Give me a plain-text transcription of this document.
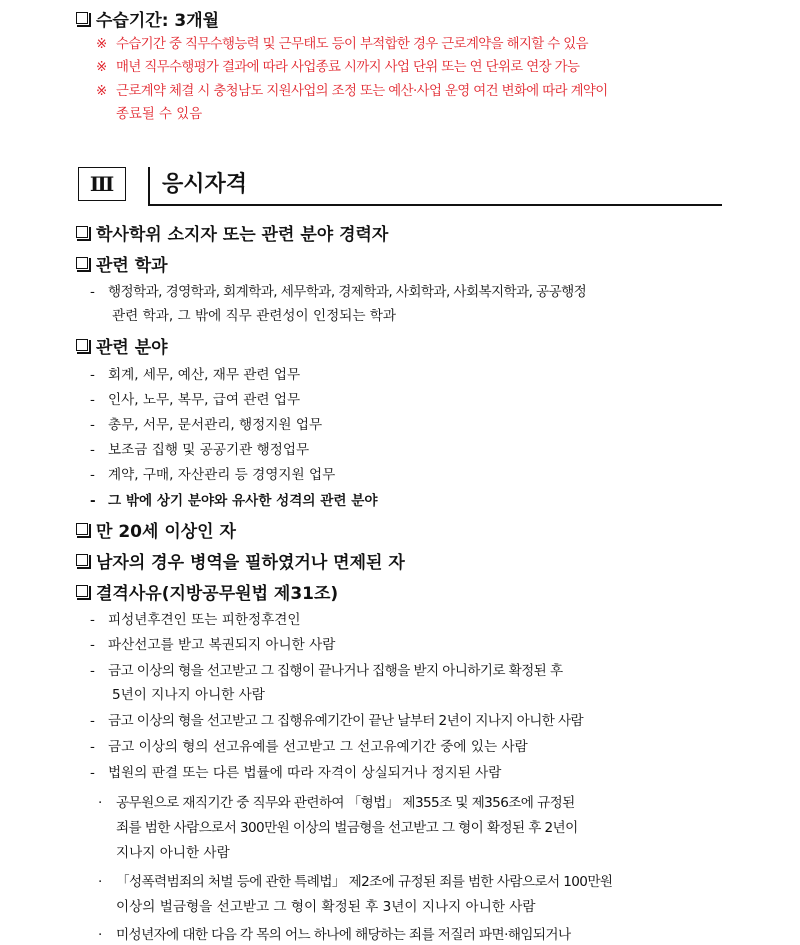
수습기간: 3개월
※ 수습기간 중 직무수행능력 및 근무태도 등이 부적합한 경우 근로계약을 해지할 수 있음
※ 매년 직무수행평가 결과에 따라 사업종료 시까지 사업 단위 또는 연 단위로 연장 가능
※ 근로계약 체결 시 충청남도 지원사업의 조정 또는 예산·사업 운영 여건 변화에 따라 계약이
종료될 수 있음
Ⅲ	응시자격
학사학위 소지자 또는 관련 분야 경력자
관련 학과
- 행정학과, 경영학과, 회계학과, 세무학과, 경제학과, 사회학과, 사회복지학과, 공공행정
관련 학과, 그 밖에 직무 관련성이 인정되는 학과
관련 분야
- 회계, 세무, 예산, 재무 관련 업무
- 인사, 노무, 복무, 급여 관련 업무
- 총무, 서무, 문서관리, 행정지원 업무
- 보조금 집행 및 공공기관 행정업무
- 계약, 구매, 자산관리 등 경영지원 업무
- 그 밖에 상기 분야와 유사한 성격의 관련 분야
만 20세 이상인 자
남자의 경우 병역을 필하였거나 면제된 자
결격사유(지방공무원법 제31조)
- 피성년후견인 또는 피한정후견인
- 파산선고를 받고 복권되지 아니한 사람
- 금고 이상의 형을 선고받고 그 집행이 끝나거나 집행을 받지 아니하기로 확정된 후
5년이 지나지 아니한 사람
- 금고 이상의 형을 선고받고 그 집행유예기간이 끝난 날부터 2년이 지나지 아니한 사람
- 금고 이상의 형의 선고유예를 선고받고 그 선고유예기간 중에 있는 사람
- 법원의 판결 또는 다른 법률에 따라 자격이 상실되거나 정지된 사람
· 공무원으로 재직기간 중 직무와 관련하여 「형법」 제355조 및 제356조에 규정된
죄를 범한 사람으로서 300만원 이상의 벌금형을 선고받고 그 형이 확정된 후 2년이
지나지 아니한 사람
· 「성폭력범죄의 처벌 등에 관한 특례법」 제2조에 규정된 죄를 범한 사람으로서 100만원
이상의 벌금형을 선고받고 그 형이 확정된 후 3년이 지나지 아니한 사람
· 미성년자에 대한 다음 각 목의 어느 하나에 해당하는 죄를 저질러 파면·해임되거나
